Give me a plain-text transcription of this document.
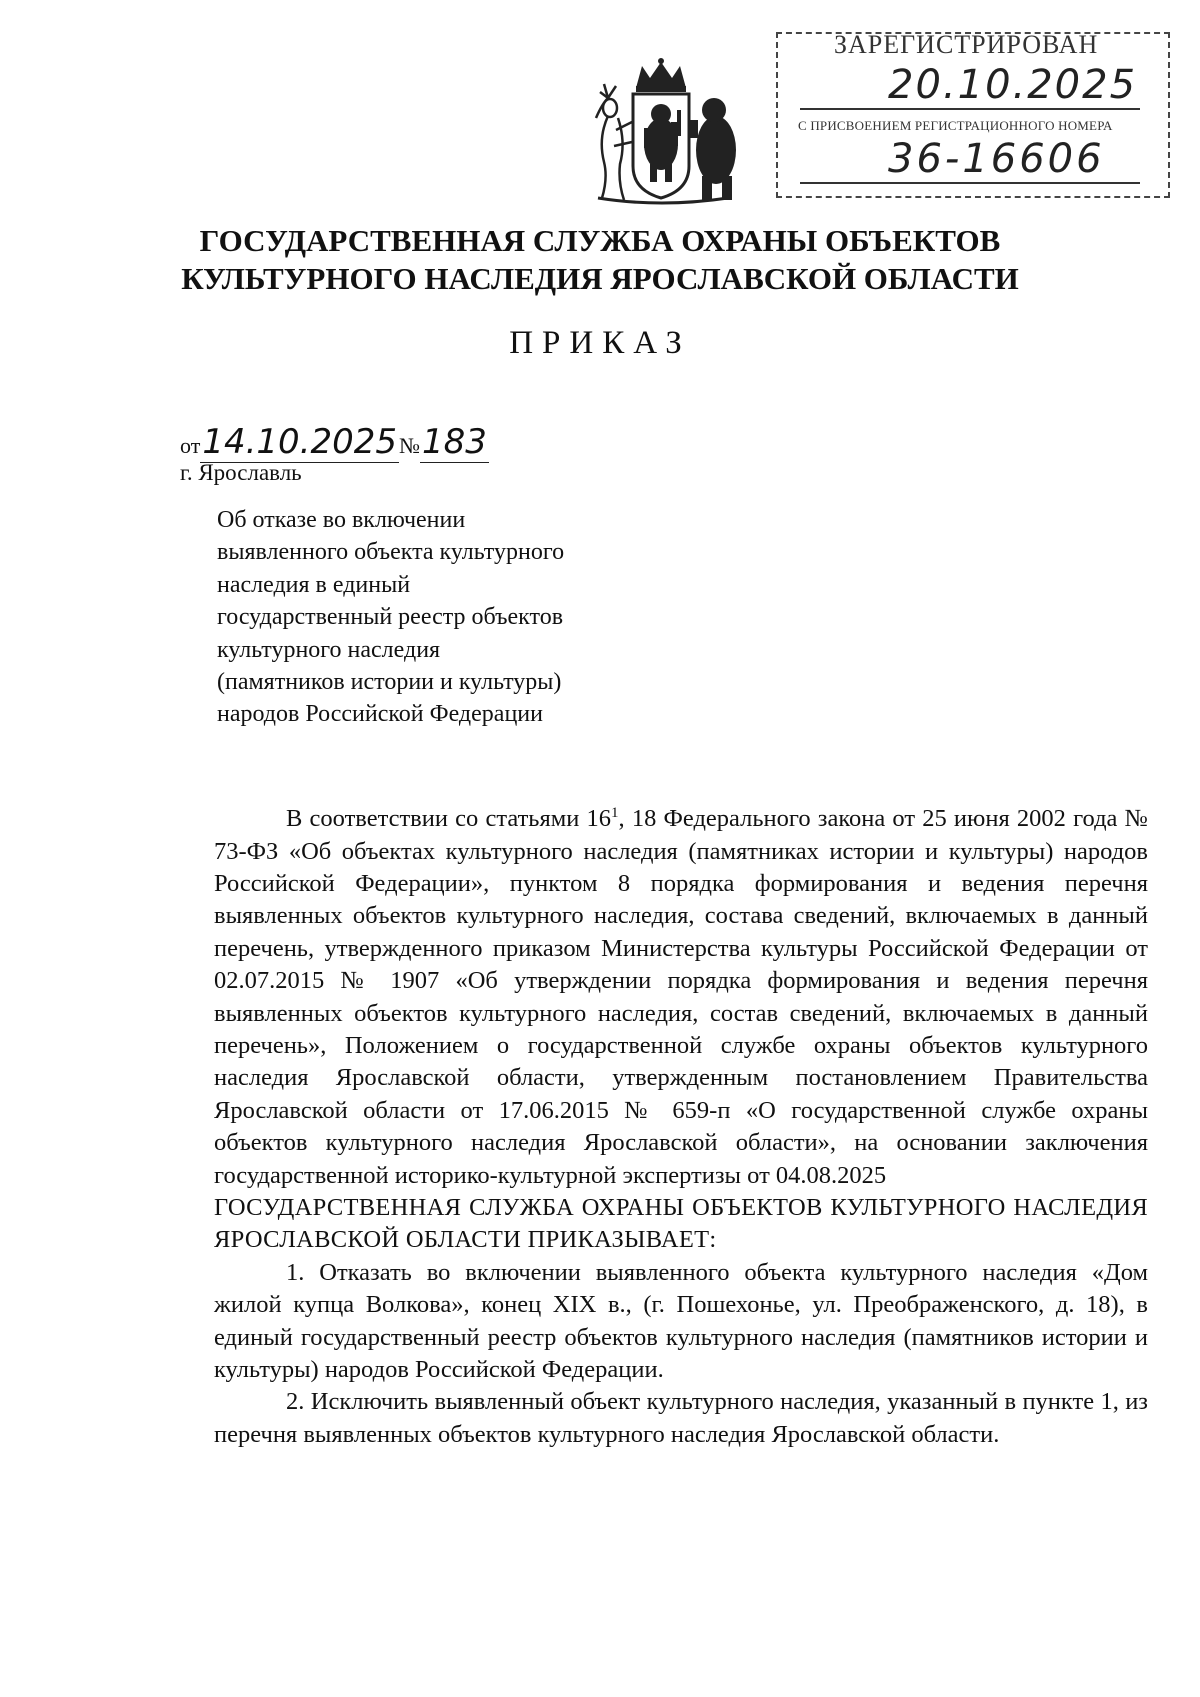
ЗАРЕГИСТРИРОВАН
20.10.2025
С ПРИСВОЕНИЕМ РЕГИСТРАЦИОННОГО НОМЕРА
36-16606
ГОСУДАРСТВЕННАЯ СЛУЖБА ОХРАНЫ ОБЪЕКТОВ
КУЛЬТУРНОГО НАСЛЕДИЯ ЯРОСЛАВСКОЙ ОБЛАСТИ
ПРИКАЗ
от14.10.2025№183
г. Ярославль
Об отказе во включении
выявленного объекта культурного
наследия в единый
государственный реестр объектов
культурного наследия
(памятников истории и культуры)
народов Российской Федерации

В соответствии со статьями $16^1$, 18 Федерального закона от 25 июня 2002 года № 73-ФЗ «Об объектах культурного наследия (памятниках истории и культуры) народов Российской Федерации», пунктом 8 порядка формирования и ведения перечня выявленных объектов культурного наследия, состава сведений, включаемых в данный перечень, утвержденного приказом Министерства культуры Российской Федерации от 02.07.2015 № 1907 «Об утверждении порядка формирования и ведения перечня выявленных объектов культурного наследия, состав сведений, включаемых в данный перечень», Положением о государственной службе охраны объектов культурного наследия Ярославской области, утвержденным постановлением Правительства Ярославской области от 17.06.2015 № 659-п «О государственной службе охраны объектов культурного наследия Ярославской области», на основании заключения государственной историко-культурной экспертизы от 04.08.2025

ГОСУДАРСТВЕННАЯ СЛУЖБА ОХРАНЫ ОБЪЕКТОВ КУЛЬТУРНОГО НАСЛЕДИЯ ЯРОСЛАВСКОЙ ОБЛАСТИ ПРИКАЗЫВАЕТ:

1. Отказать во включении выявленного объекта культурного наследия «Дом жилой купца Волкова», конец XIX в., (г. Пошехонье, ул. Преображенского, д. 18), в единый государственный реестр объектов культурного наследия (памятников истории и культуры) народов Российской Федерации.

2. Исключить выявленный объект культурного наследия, указанный в пункте 1, из перечня выявленных объектов культурного наследия Ярославской области.
